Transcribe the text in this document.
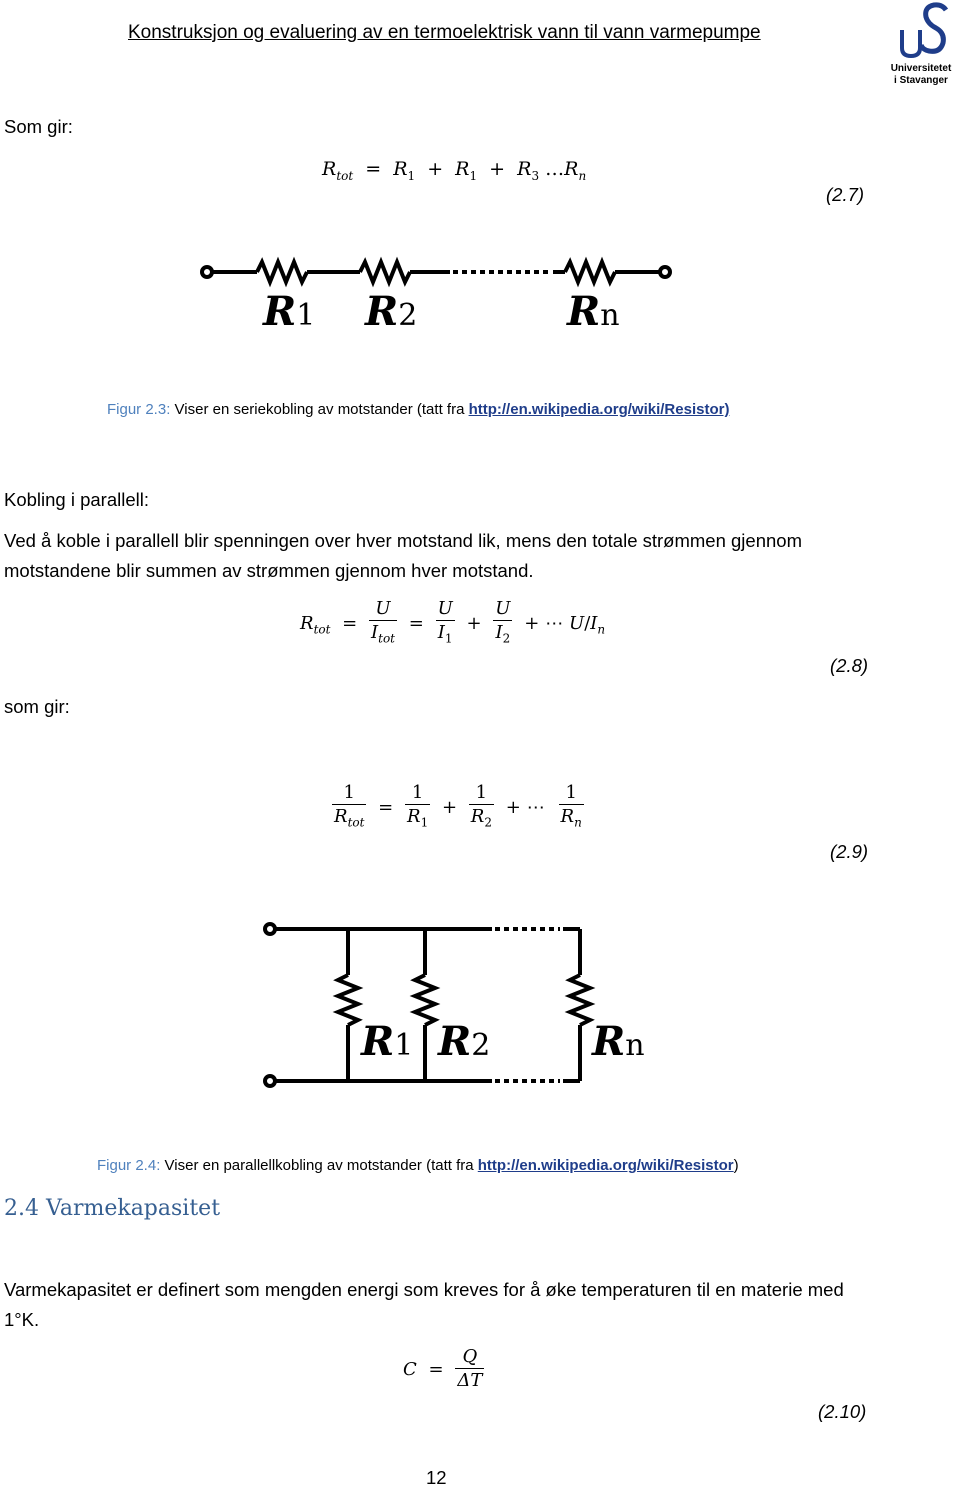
Konstruksjon og evaluering av en termoelektrisk vann til vann varmepumpe
Universitetet
i Stavanger
Som gir:
$R_{tot} = R_1 + R_1 + R_3$ $\dots R_n$
(2.7)
R1 R2	Rn
Figur 2.3: Viser en seriekobling av motstander (tatt fra http://en.wikipedia.org/wiki/Resistor)
Kobling i parallell:
Ved å koble i parallell blir spenningen over hver motstand lik, mens den totale strømmen gjennom motstandene blir summen av strømmen gjennom hver motstand.
$R_{tot} = \frac{U}{I_{tot}} = \frac{U}{I_1} + \frac{U}{I_2}$ + ⋯ $U/I_n$
(2.8)
som gir:
$\frac{1}{R_{tot}} = \frac{1}{R_1} + \frac{1}{R_2}$ + ⋯ $\frac{1}{R_n}$
(2.9)
R1 R2	Rn
Figur 2.4: Viser en parallellkobling av motstander (tatt fra http://en.wikipedia.org/wiki/Resistor)
2.4 Varmekapasitet
Varmekapasitet er definert som mengden energi som kreves for å øke temperaturen til en materie med 1°K.
$C = \frac{Q}{\Delta T}$
(2.10)
12
